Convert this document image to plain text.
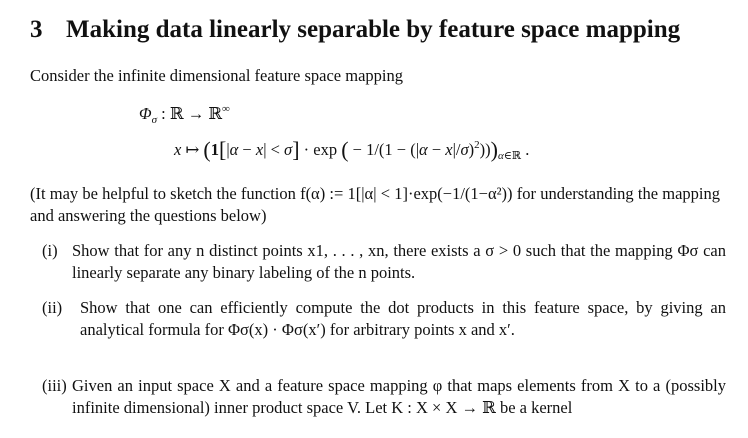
3 Making data linearly separable by feature space mapping
Consider the infinite dimensional feature space mapping
$\Phi_\sigma$ : ℝ → ℝ∞
x ↦ (1[|α − x| < σ] · exp ( − $1/(1 - (|\alpha - x|/\sigma)^2)))_{\alpha\in ℝ}$ .
(It may be helpful to sketch the function f(α) := 1[|α| < 1]·exp(−1/(1−α²)) for understanding the mapping and answering the questions below)
(i) Show that for any n distinct points x1, . . . , xn, there exists a σ > 0 such that the mapping Φσ can linearly separate any binary labeling of the n points.
(ii) Show that one can efficiently compute the dot products in this feature space, by giving an analytical formula for Φσ(x) · Φσ(x′) for arbitrary points x and x′.
(iii) Given an input space X and a feature space mapping φ that maps elements from X to a (possibly infinite dimensional) inner product space V. Let K : X × X → ℝ be a kernel
